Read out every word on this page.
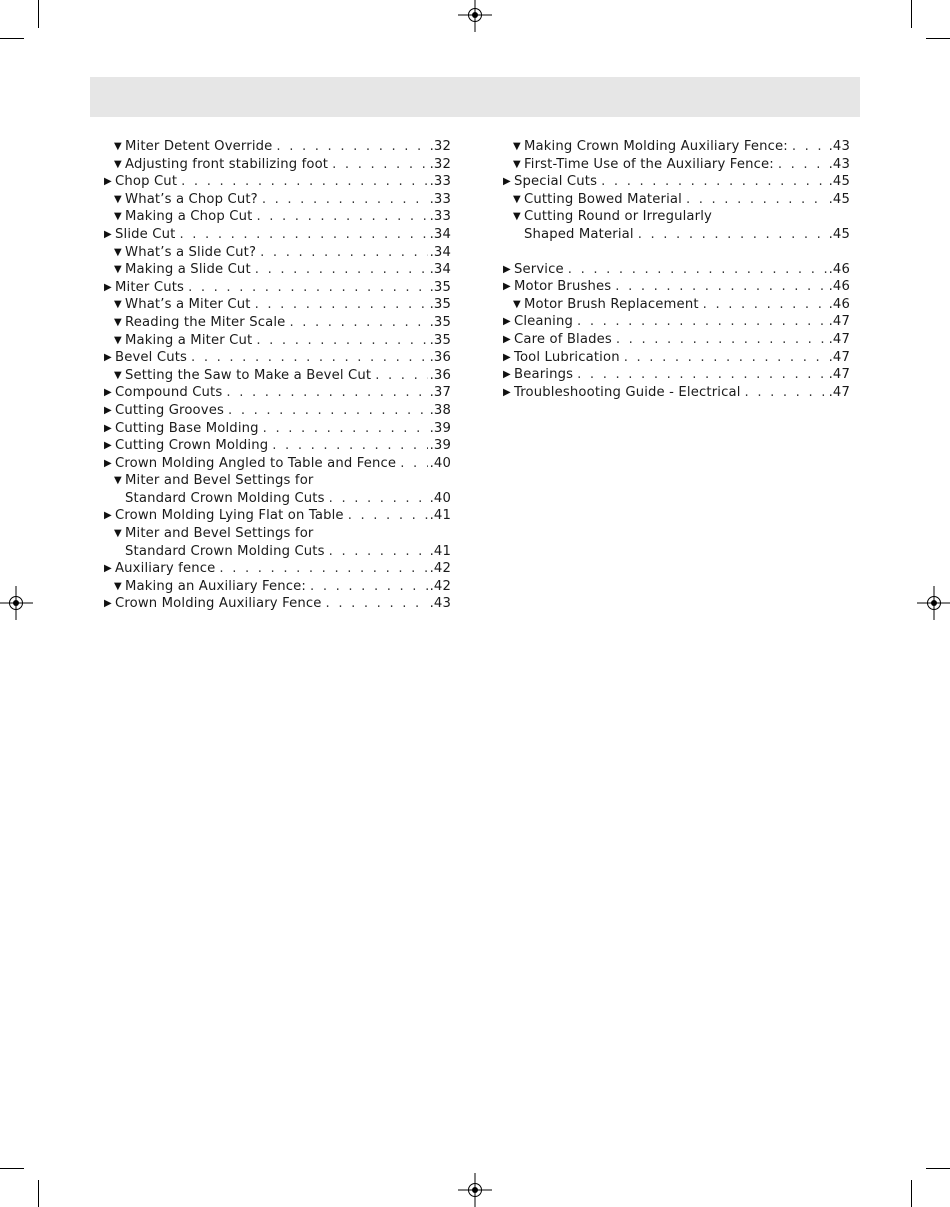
▼ Miter Detent Override . . .	.32
▼ Adjusting front stabilizing foot . . .	.32
▶ Chop Cut . . .	.33
▼ What’s a Chop Cut? . . .	.33
▼ Making a Chop Cut . . .	.33
▶ Slide Cut . . .	.34
▼ What’s a Slide Cut? . . .	.34
▼ Making a Slide Cut . . .	.34
▶ Miter Cuts . . .	.35
▼ What’s a Miter Cut . . .	.35
▼ Reading the Miter Scale . . .	.35
▼ Making a Miter Cut . . .	.35
▶ Bevel Cuts . . .	.36
▼ Setting the Saw to Make a Bevel Cut . . .	.36
▶ Compound Cuts . . .	.37
▶ Cutting Grooves . . .	.38
▶ Cutting Base Molding . . .	.39
▶ Cutting Crown Molding . . .	.39
▶ Crown Molding Angled to Table and Fence . . .	.40
▼ Miter and Bevel Settings for
Standard Crown Molding Cuts . . .	.40
▶ Crown Molding Lying Flat on Table . . .	.41
▼ Miter and Bevel Settings for
Standard Crown Molding Cuts . . .	.41
▶ Auxiliary fence . . .	.42
▼ Making an Auxiliary Fence: . . .	.42
▶ Crown Molding Auxiliary Fence . . .	.43
▼ Making Crown Molding Auxiliary Fence: . . .	.43
▼ First-Time Use of the Auxiliary Fence: . . .	.43
▶ Special Cuts . . .	.45
▼ Cutting Bowed Material . . .	.45
▼ Cutting Round or Irregularly
Shaped Material . . .	.45
▶ Service . . .	.46
▶ Motor Brushes . . .	.46
▼ Motor Brush Replacement . . .	.46
▶ Cleaning . . .	.47
▶ Care of Blades . . .	.47
▶ Tool Lubrication . . .	.47
▶ Bearings . . .	.47
▶ Troubleshooting Guide - Electrical . . .	.47
